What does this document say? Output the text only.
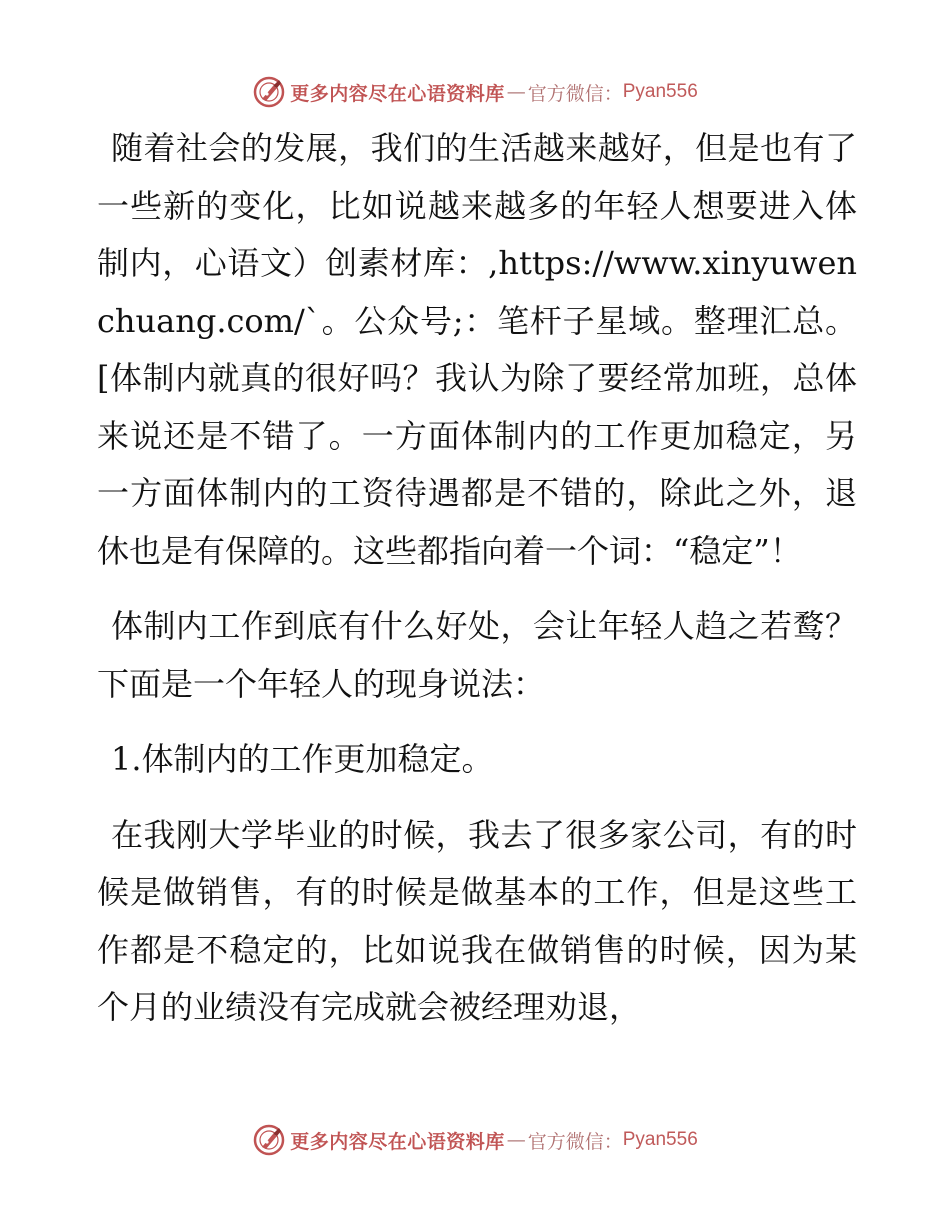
更多内容尽在心语资料库 — 官方微信： Pyan556

随着社会的发展，我们的生活越来越好，但是也有了一些新的变化，比如说越来越多的年轻人想要进入体制内，心语文）创素材库：,https://www.xinyuwenchuang.com/`。公众号;：笔杆子星域。整理汇总。[体制内就真的很好吗？我认为除了要经常加班，总体来说还是不错了。一方面体制内的工作更加稳定，另一方面体制内的工资待遇都是不错的，除此之外，退休也是有保障的。这些都指向着一个词：“稳定”！

体制内工作到底有什么好处，会让年轻人趋之若鹜？下面是一个年轻人的现身说法：

1.体制内的工作更加稳定。

在我刚大学毕业的时候，我去了很多家公司，有的时候是做销售，有的时候是做基本的工作，但是这些工作都是不稳定的，比如说我在做销售的时候，因为某个月的业绩没有完成就会被经理劝退，

更多内容尽在心语资料库 — 官方微信： Pyan556
